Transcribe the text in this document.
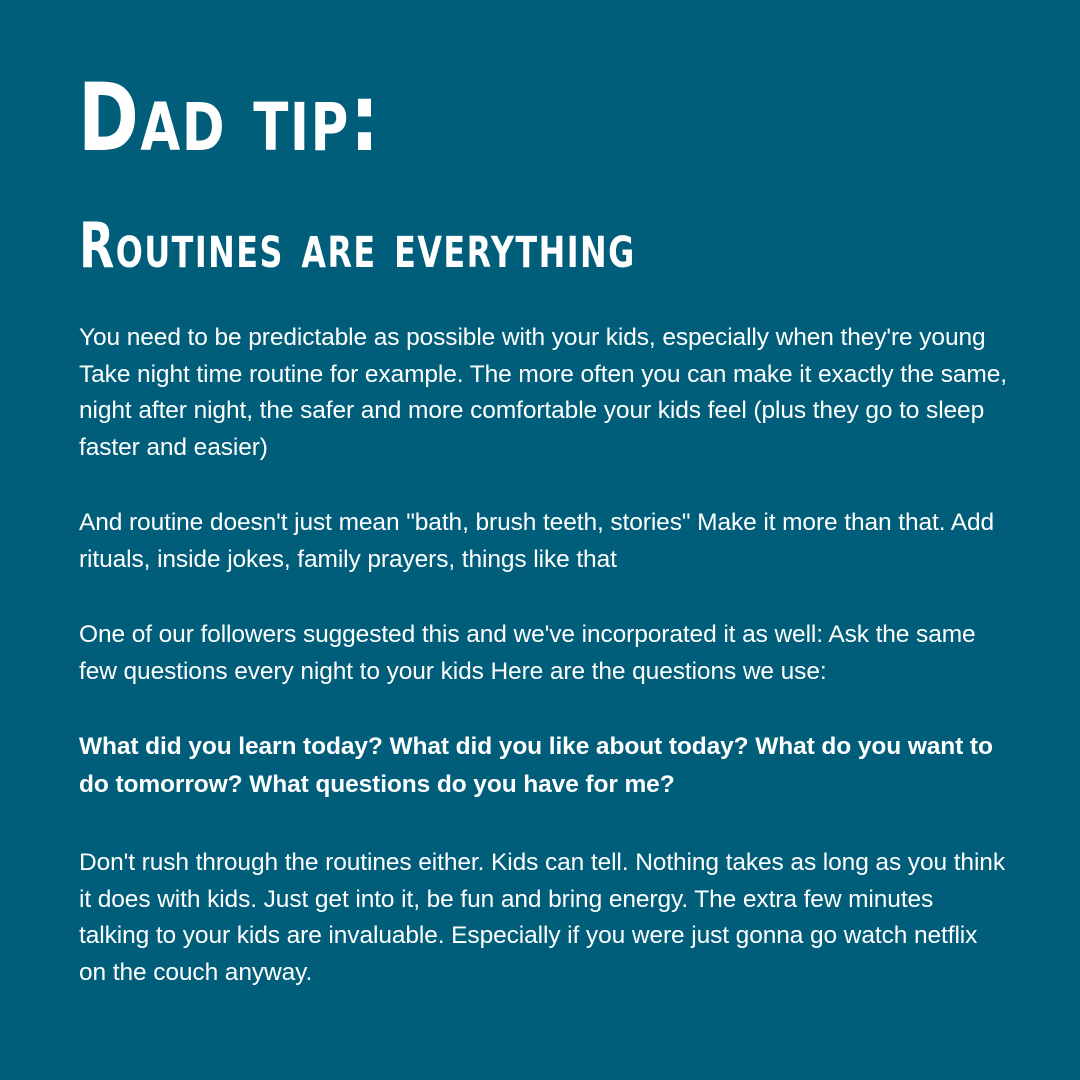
Dad tip:
Routines are everything

You need to be predictable as possible with your kids, especially when they're young Take night time routine for example. The more often you can make it exactly the same, night after night, the safer and more comfortable your kids feel (plus they go to sleep faster and easier)

And routine doesn't just mean "bath, brush teeth, stories" Make it more than that. Add rituals, inside jokes, family prayers, things like that

One of our followers suggested this and we've incorporated it as well: Ask the same few questions every night to your kids Here are the questions we use:

What did you learn today? What did you like about today? What do you want to do tomorrow? What questions do you have for me?

Don't rush through the routines either. Kids can tell. Nothing takes as long as you think it does with kids. Just get into it, be fun and bring energy. The extra few minutes talking to your kids are invaluable. Especially if you were just gonna go watch netflix on the couch anyway.
